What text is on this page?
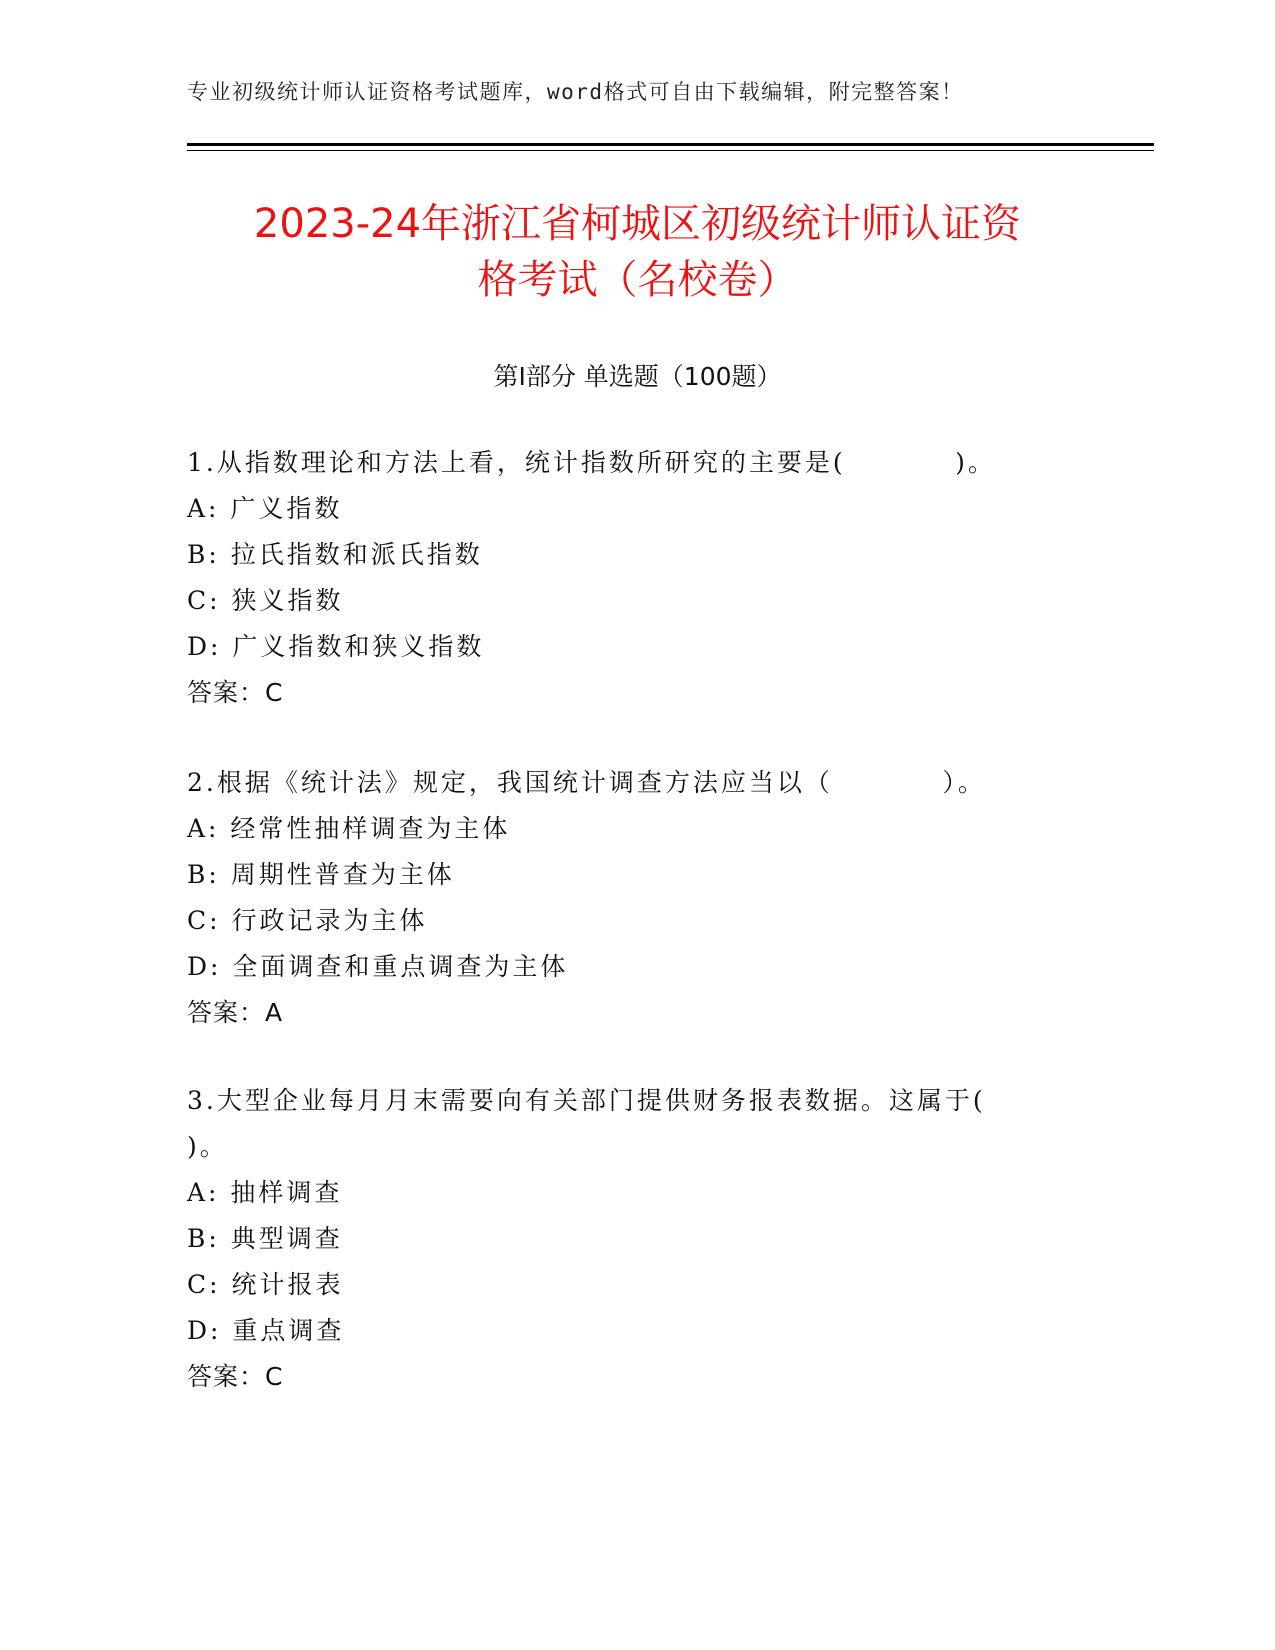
专业初级统计师认证资格考试题库，word格式可自由下载编辑，附完整答案！
2023-24年浙江省柯城区初级统计师认证资
格考试（名校卷）
第Ⅰ部分 单选题（100题）
1.从指数理论和方法上看，统计指数所研究的主要是(          )。
A: 广义指数
B: 拉氏指数和派氏指数
C: 狭义指数
D: 广义指数和狭义指数
答案：C
2.根据《统计法》规定，我国统计调查方法应当以（          ）。
A: 经常性抽样调查为主体
B: 周期性普查为主体
C: 行政记录为主体
D: 全面调查和重点调查为主体
答案：A
3.大型企业每月月末需要向有关部门提供财务报表数据。这属于(
)。
A: 抽样调查
B: 典型调查
C: 统计报表
D: 重点调查
答案：C
